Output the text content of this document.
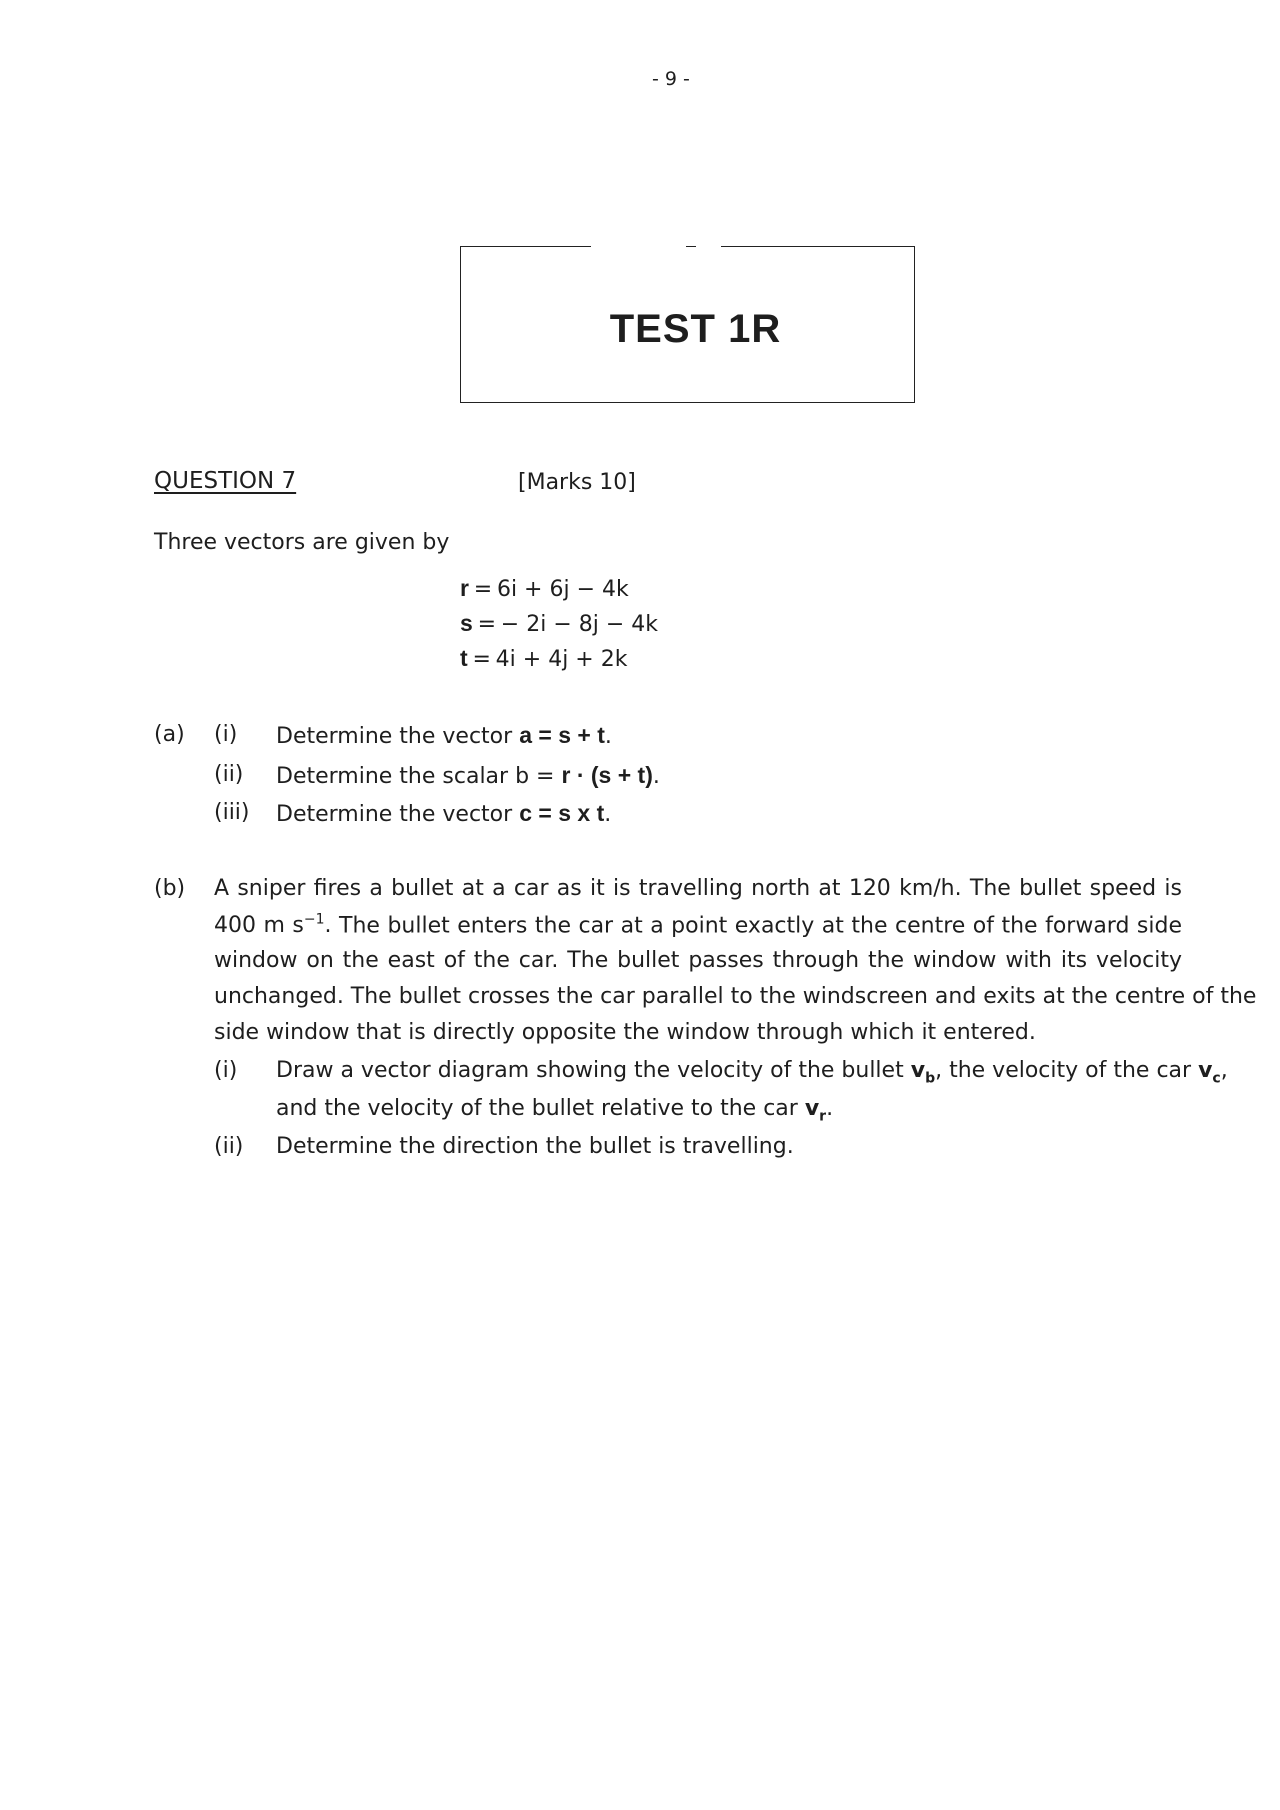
- 9 -
TEST 1R
QUESTION 7	[Marks 10]
Three vectors are given by
r = 6i + 6j − 4k
s = − 2i − 8j − 4k
t = 4i + 4j + 2k
(a) (i) Determine the vector a = s + t.
(ii) Determine the scalar b = r · (s + t).
(iii) Determine the vector c = s x t.
(b) A sniper fires a bullet at a car as it is travelling north at 120 km/h. The bullet speed is
400 m $s^{-1}$. The bullet enters the car at a point exactly at the centre of the forward side
window on the east of the car. The bullet passes through the window with its velocity
unchanged. The bullet crosses the car parallel to the windscreen and exits at the centre of the
side window that is directly opposite the window through which it entered.
(i) Draw a vector diagram showing the velocity of the bullet $v_b$, the velocity of the car $v_c$,
and the velocity of the bullet relative to the car $v_r$.
(ii) Determine the direction the bullet is travelling.
